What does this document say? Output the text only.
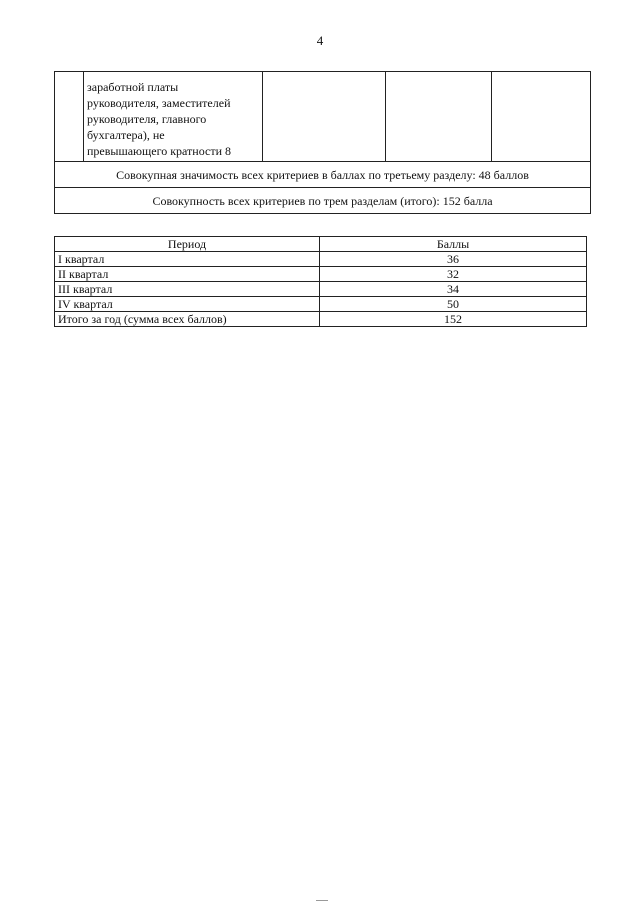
4

заработной платы
руководителя, заместителей
руководителя, главного
бухгалтера), не
превышающего кратности 8

Совокупная значимость всех критериев в баллах по третьему разделу: 48 баллов
Совокупность всех критериев по трем разделам (итого): 152 балла
Период	Баллы
I квартал	36
II квартал	32
III квартал	34
IV квартал	50
Итого за год (сумма всех баллов)	152
